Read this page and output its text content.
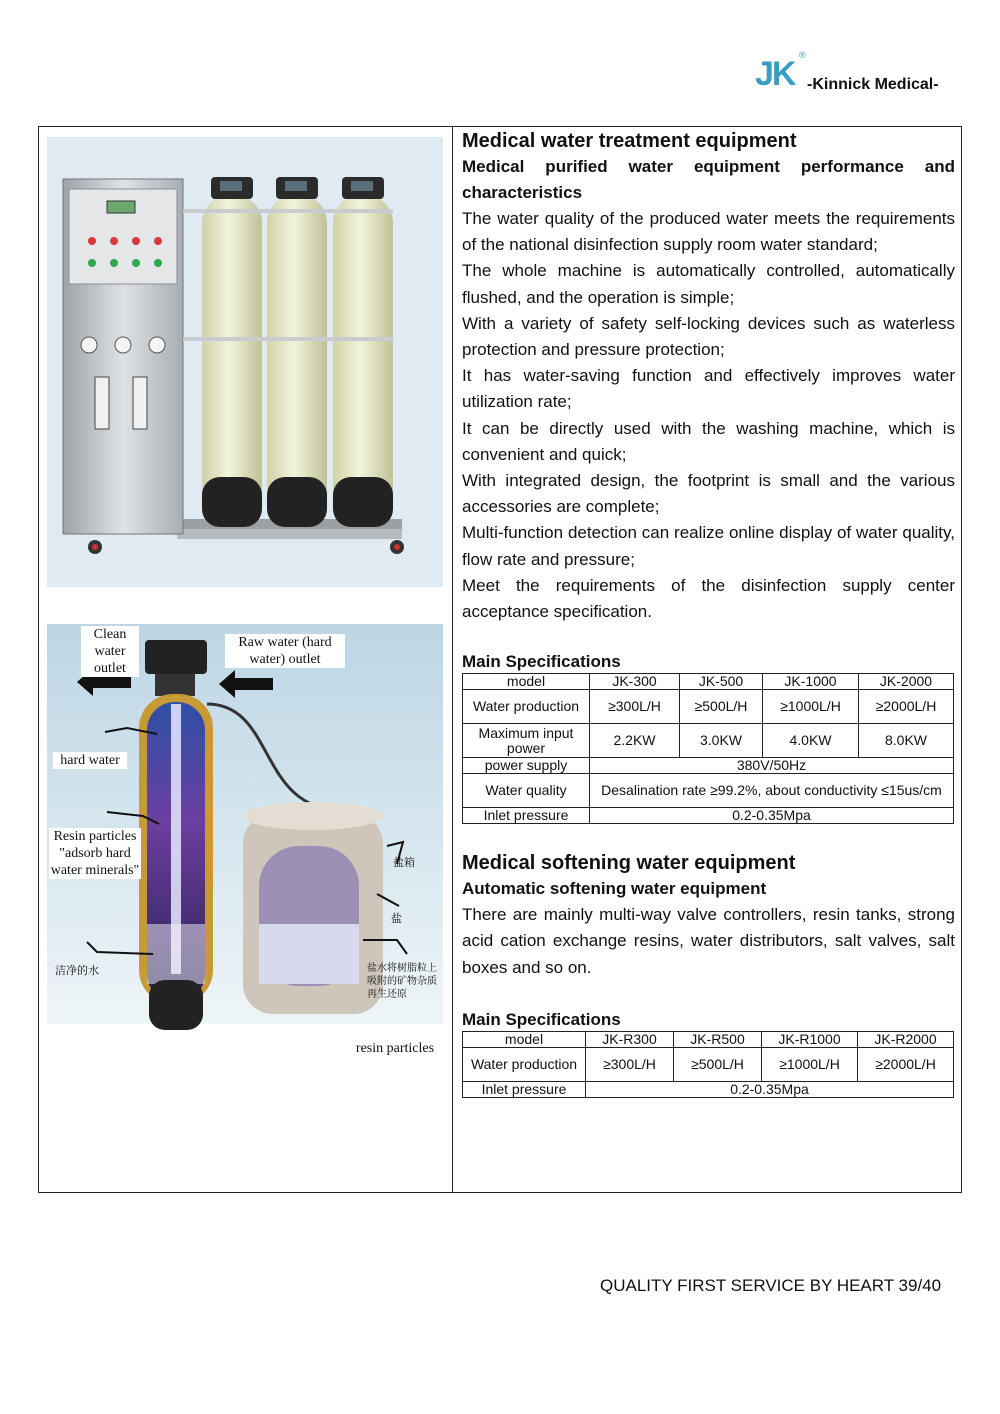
JK ®
-Kinnick Medical-
Clean water outlet
Raw water (hard water) outlet
hard water
Resin particles "adsorb hard water minerals"
洁净的水
盐箱
盐
盐水将树脂粒上吸附的矿物杂质再生还原
resin particles

Medical water treatment equipment

Medical purified water equipment performance and characteristics

The water quality of the produced water meets the requirements of the national disinfection supply room water standard;

The whole machine is automatically controlled, automatically flushed, and the operation is simple;

With a variety of safety self-locking devices such as waterless protection and pressure protection;

It has water-saving function and effectively improves water utilization rate;

It can be directly used with the washing machine, which is convenient and quick;

With integrated design, the footprint is small and the various accessories are complete;

Multi-function detection can realize online display of water quality, flow rate and pressure;

Meet the requirements of the disinfection supply center acceptance specification.

Main Specifications

model	JK-300	JK-500	JK-1000	JK-2000
Water production	≥300L/H	≥500L/H	≥1000L/H	≥2000L/H
Maximum input power	2.2KW	3.0KW	4.0KW	8.0KW
power supply	380V/50Hz			
Water quality	Desalination rate ≥99.2%, about conductivity ≤15us/cm			
Inlet pressure	0.2-0.35Mpa			

Medical softening water equipment

Automatic softening water equipment

There are mainly multi-way valve controllers, resin tanks, strong acid cation exchange resins, water distributors, salt valves, salt boxes and so on.

Main Specifications

model	JK-R300	JK-R500	JK-R1000	JK-R2000
Water production	≥300L/H	≥500L/H	≥1000L/H	≥2000L/H
Inlet pressure	0.2-0.35Mpa			
QUALITY FIRST SERVICE BY HEART 39/40
